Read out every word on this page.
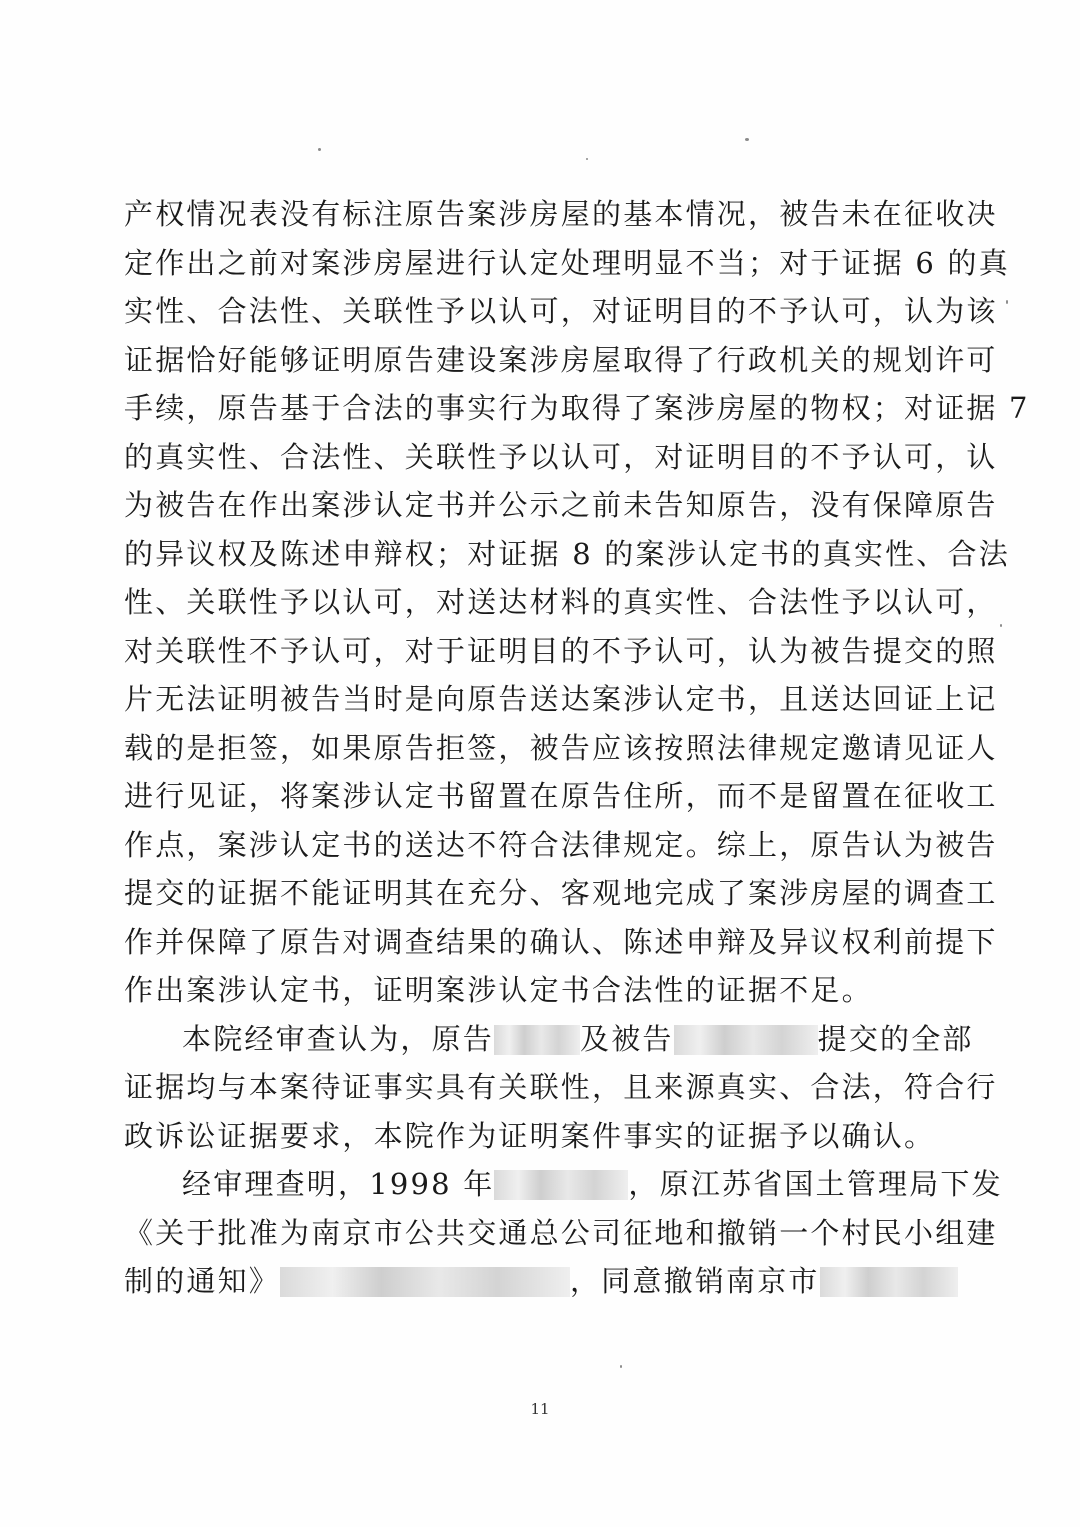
产权情况表没有标注原告案涉房屋的基本情况，被告未在征收决
定作出之前对案涉房屋进行认定处理明显不当；对于证据 6 的真
实性、合法性、关联性予以认可，对证明目的不予认可，认为该
证据恰好能够证明原告建设案涉房屋取得了行政机关的规划许可
手续，原告基于合法的事实行为取得了案涉房屋的物权；对证据 7
的真实性、合法性、关联性予以认可，对证明目的不予认可，认
为被告在作出案涉认定书并公示之前未告知原告，没有保障原告
的异议权及陈述申辩权；对证据 8 的案涉认定书的真实性、合法
性、关联性予以认可，对送达材料的真实性、合法性予以认可，
对关联性不予认可，对于证明目的不予认可，认为被告提交的照
片无法证明被告当时是向原告送达案涉认定书，且送达回证上记
载的是拒签，如果原告拒签，被告应该按照法律规定邀请见证人
进行见证，将案涉认定书留置在原告住所，而不是留置在征收工
作点，案涉认定书的送达不符合法律规定。综上，原告认为被告
提交的证据不能证明其在充分、客观地完成了案涉房屋的调查工
作并保障了原告对调查结果的确认、陈述申辩及异议权利前提下
作出案涉认定书，证明案涉认定书合法性的证据不足。
本院经审查认为，原告	及被告	提交的全部
证据均与本案待证事实具有关联性，且来源真实、合法，符合行
政诉讼证据要求，本院作为证明案件事实的证据予以确认。
经审理查明，1998 年	，原江苏省国土管理局下发
《关于批准为南京市公共交通总公司征地和撤销一个村民小组建
制的通知》	，同意撤销南京市
11
